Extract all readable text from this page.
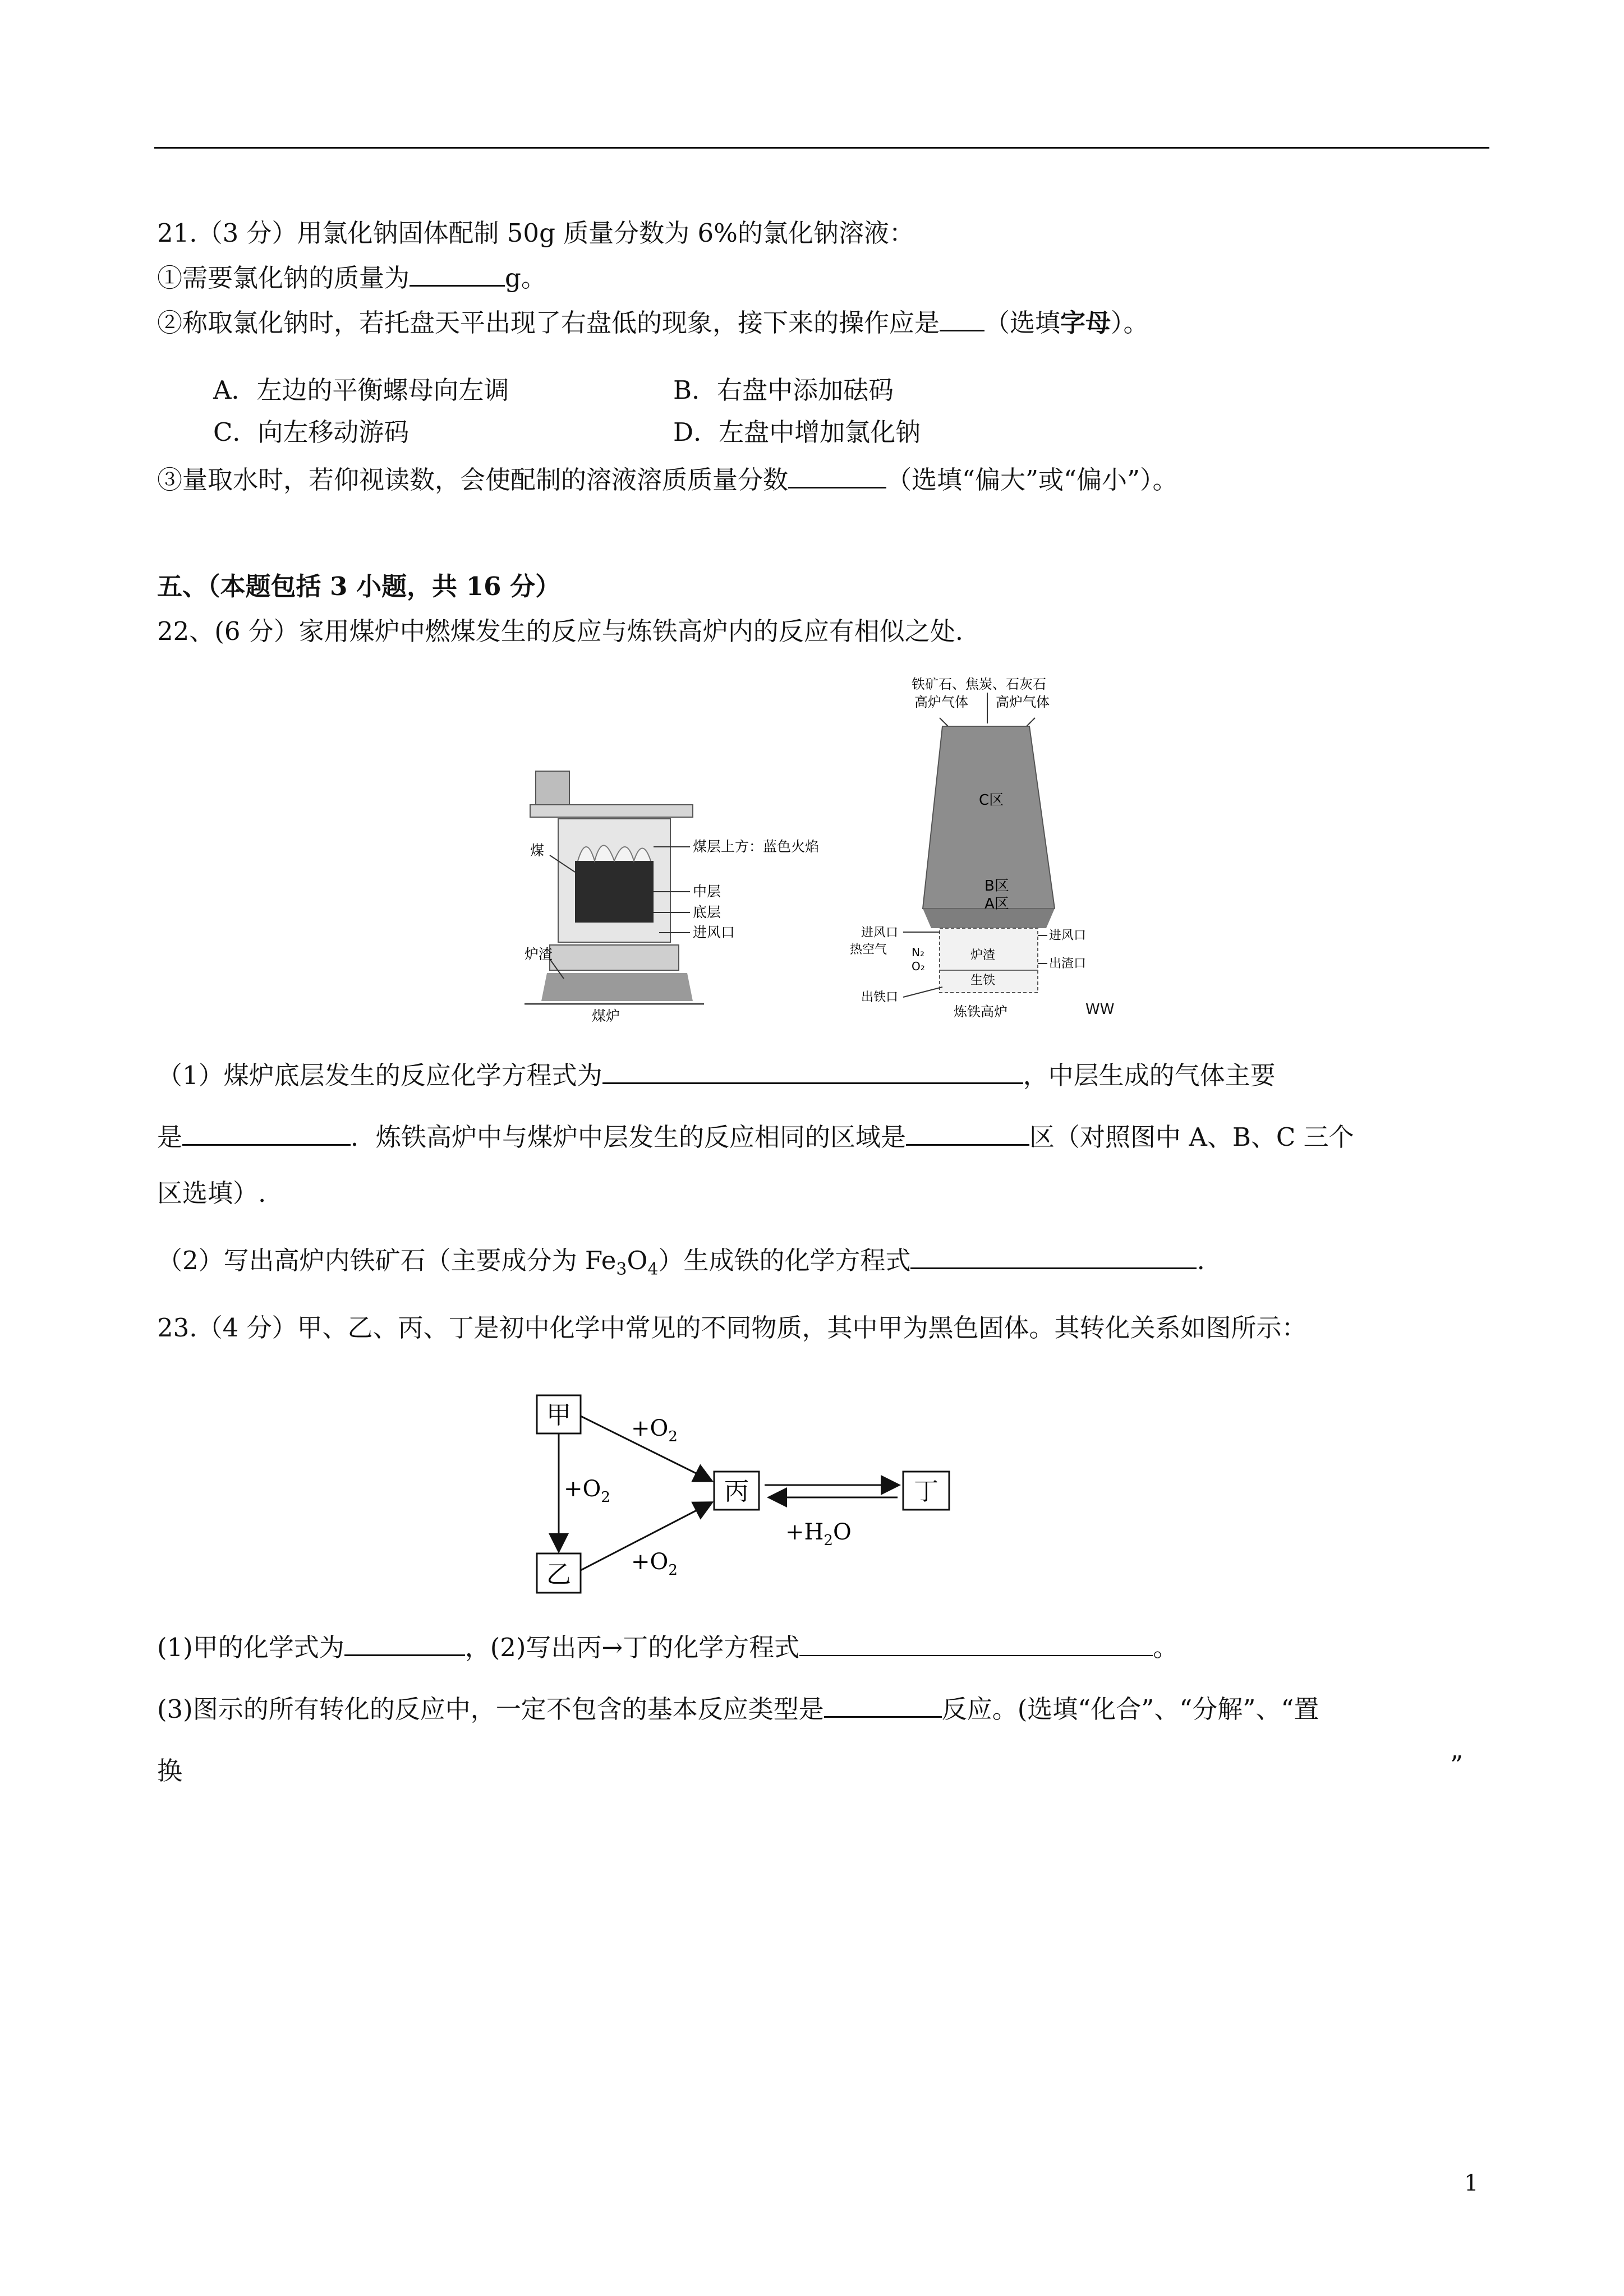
21.（3 分）用氯化钠固体配制 50g 质量分数为 6%的氯化钠溶液：
①需要氯化钠的质量为	g。
②称取氯化钠时，若托盘天平出现了右盘低的现象，接下来的操作应是 （选填字母）。
A．左边的平衡螺母向左调	B．右盘中添加砝码
C．向左移动游码	D．左盘中增加氯化钠
③量取水时，若仰视读数，会使配制的溶液溶质质量分数	（选填“偏大”或“偏小”）。
五、（本题包括 3 小题，共 16 分）
22、(6 分）家用煤炉中燃煤发生的反应与炼铁高炉内的反应有相似之处.
煤层上方：蓝色火焰
中层
底层
进风口
煤
炉渣
煤炉
铁矿石、焦炭、石灰石
高炉气体 高炉气体
C区
B区
A区
进风口
热空气 N₂
O₂
炉渣
生铁
出铁口
进风口
出渣口
炼铁高炉	WW
（1）煤炉底层发生的反应化学方程式为	，中层生成的气体主要
是	．炼铁高炉中与煤炉中层发生的反应相同的区域是	区（对照图中 A、B、C 三个
区选填）.
（2）写出高炉内铁矿石（主要成分为 $Fe_3O_4$）生成铁的化学方程式	.
23.（4 分）甲、乙、丙、丁是初中化学中常见的不同物质，其中甲为黑色固体。其转化关系如图所示：
甲
乙
丙	丁
$+O_2$
$+O_2$
$+O_2$
$+H_2O$
(1)甲的化学式为	，(2)写出丙→丁的化学方程式	。
(3)图示的所有转化的反应中，一定不包含的基本反应类型是	反应。(选填“化合”、“分解”、“置
换	”
1
